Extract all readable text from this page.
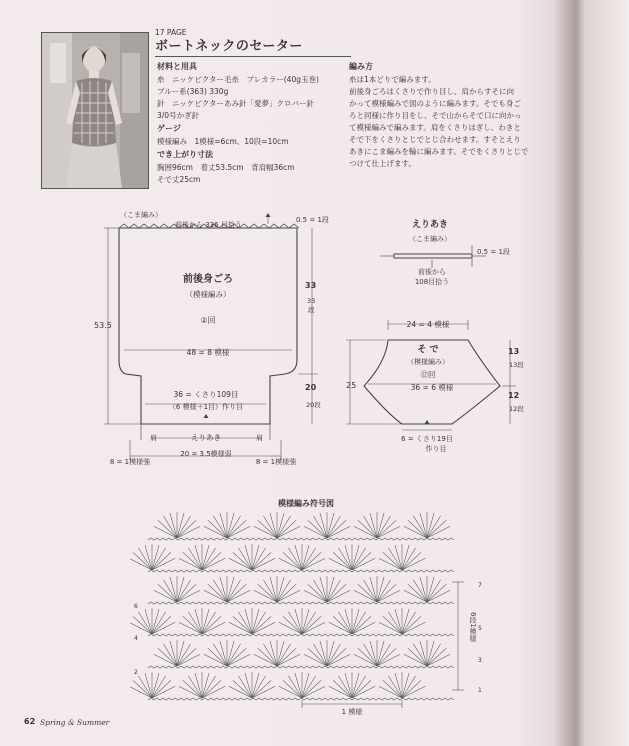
17 PAGE
ボートネックのセーター
材料と用具
糸　ニッケビクター毛糸　プレカラー(40g玉巻)
ブルー系(363) 330g
針　ニッケビクターあみ針「愛夢」クロバー針
3/0号かぎ針
ゲージ
模様編み　1模様=6cm、10段=10cm
でき上がり寸法
胸囲96cm　着丈53.5cm　背肩幅36cm
そで丈25cm
編み方
糸は1本どりで編みます。
前後身ごろはくさりで作り目し、肩からすそに向
かって模様編みで図のように編みます。そでも身ご
ろと同様に作り目をし、そで山からそで口に向かっ
て模様編みで編みます。肩をくさりはぎし、わきと
そで下をくさりとじでとじ合わせます。すそとえり
あきにこま編みを輪に編みます。そでをくさりとじで
つけて仕上げます。
（こま編み）
前後から 336 目拾う
0.5 = 1段
前後身ごろ
（模様編み）
②回
53.5
33
33
段
48 = 8 模様
20
20段
36 = くさり109目
（6 模様＋1目）作り目
えりあき
肩	肩
8 = 1模様強
20 = 3.5模様弱
8 = 1模様強
えりあき
（こま編み）
0.5 = 1段
前後から
108目拾う
24 = 4 模様
そ で
（模様編み）
⑫回
36 = 6 模様
25
13
13段
12
12段
6 = くさり19目
作り目
模様編み符号図
6段1模様
1 模様
7
5
3
1
6
4
2
62 Spring & Summer
